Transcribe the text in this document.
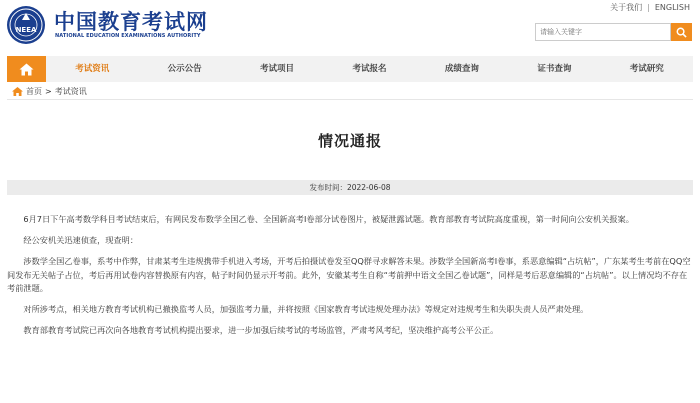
关于我们 | ENGLISH
NEEA 中国教育考试网
NATIONAL EDUCATION EXAMINATIONS AUTHORITY
请输入关键字
考试资讯	公示公告	考试项目	考试报名	成绩查询	证书查询	考试研究
首页 > 考试资讯
情况通报
发布时间：2022-06-08

6月7日下午高考数学科目考试结束后，有网民发布数学全国乙卷、全国新高考Ⅰ卷部分试卷图片，被疑泄露试题。教育部教育考试院高度重视，第一时间向公安机关报案。

经公安机关迅速侦查，现查明：

涉数学全国乙卷事，系考中作弊，甘肃某考生违规携带手机进入考场，开考后拍摄试卷发至QQ群寻求解答未果。涉数学全国新高考Ⅰ卷事，系恶意编辑“占坑帖”，广东某考生考前在QQ空间发布无关帖子占位，考后再用试卷内容替换原有内容，帖子时间仍显示开考前。此外，安徽某考生自称“考前押中语文全国乙卷试题”，同样是考后恶意编辑的“占坑帖”。以上情况均不存在考前泄题。

对所涉考点，相关地方教育考试机构已撤换监考人员，加强监考力量，并将按照《国家教育考试违规处理办法》等规定对违规考生和失职失责人员严肃处理。

教育部教育考试院已再次向各地教育考试机构提出要求，进一步加强后续考试的考场监管，严肃考风考纪，坚决维护高考公平公正。
